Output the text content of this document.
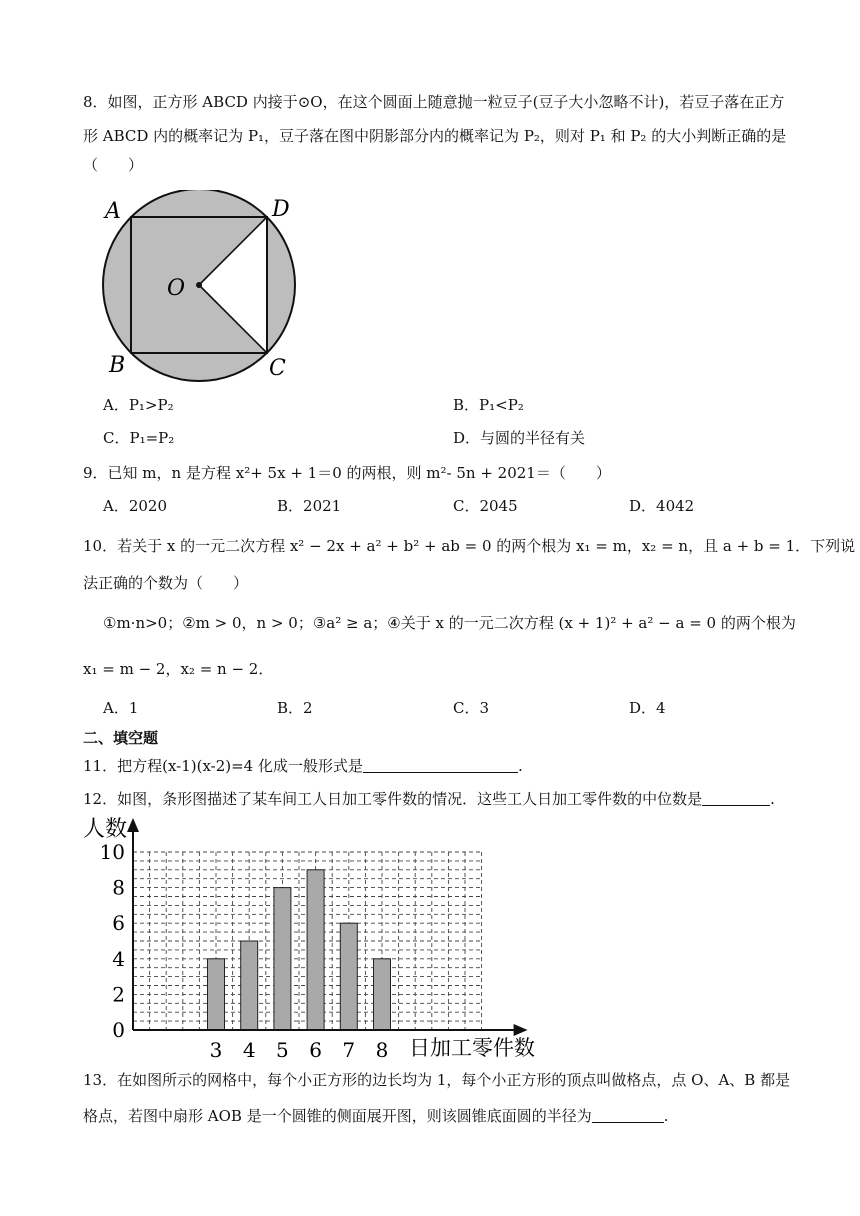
8．如图，正方形 ABCD 内接于⊙O，在这个圆面上随意抛一粒豆子(豆子大小忽略不计)，若豆子落在正方
形 ABCD 内的概率记为 P₁，豆子落在图中阴影部分内的概率记为 P₂，则对 P₁ 和 P₂ 的大小判断正确的是
（　　）
A	D
O
B	C
A．P₁>P₂	B．P₁<P₂
C．P₁=P₂	D．与圆的半径有关
9．已知 m，n 是方程 x²+ 5x + 1＝0 的两根，则 m²- 5n + 2021＝（　　）
A．2020	B．2021	C．2045	D．4042
10．若关于 x 的一元二次方程 x² − 2x + a² + b² + ab = 0 的两个根为 x₁ = m，x₂ = n，且 a + b = 1．下列说
法正确的个数为（　　）
①m·n>0；②m > 0，n > 0；③a² ≥ a；④关于 x 的一元二次方程 (x + 1)² + a² − a = 0 的两个根为
x₁ = m − 2，x₂ = n − 2．
A．1	B．2	C．3	D．4
二、填空题
11．把方程(x-1)(x-2)=4 化成一般形式是	.
12．如图，条形图描述了某车间工人日加工零件数的情况．这些工人日加工零件数的中位数是	.
3 4 5 6 7 8
0
2
4
6
8
10
人数
日加工零件数
13．在如图所示的网格中，每个小正方形的边长均为 1，每个小正方形的顶点叫做格点，点 O、A、B 都是
格点，若图中扇形 AOB 是一个圆锥的侧面展开图，则该圆锥底面圆的半径为	.
